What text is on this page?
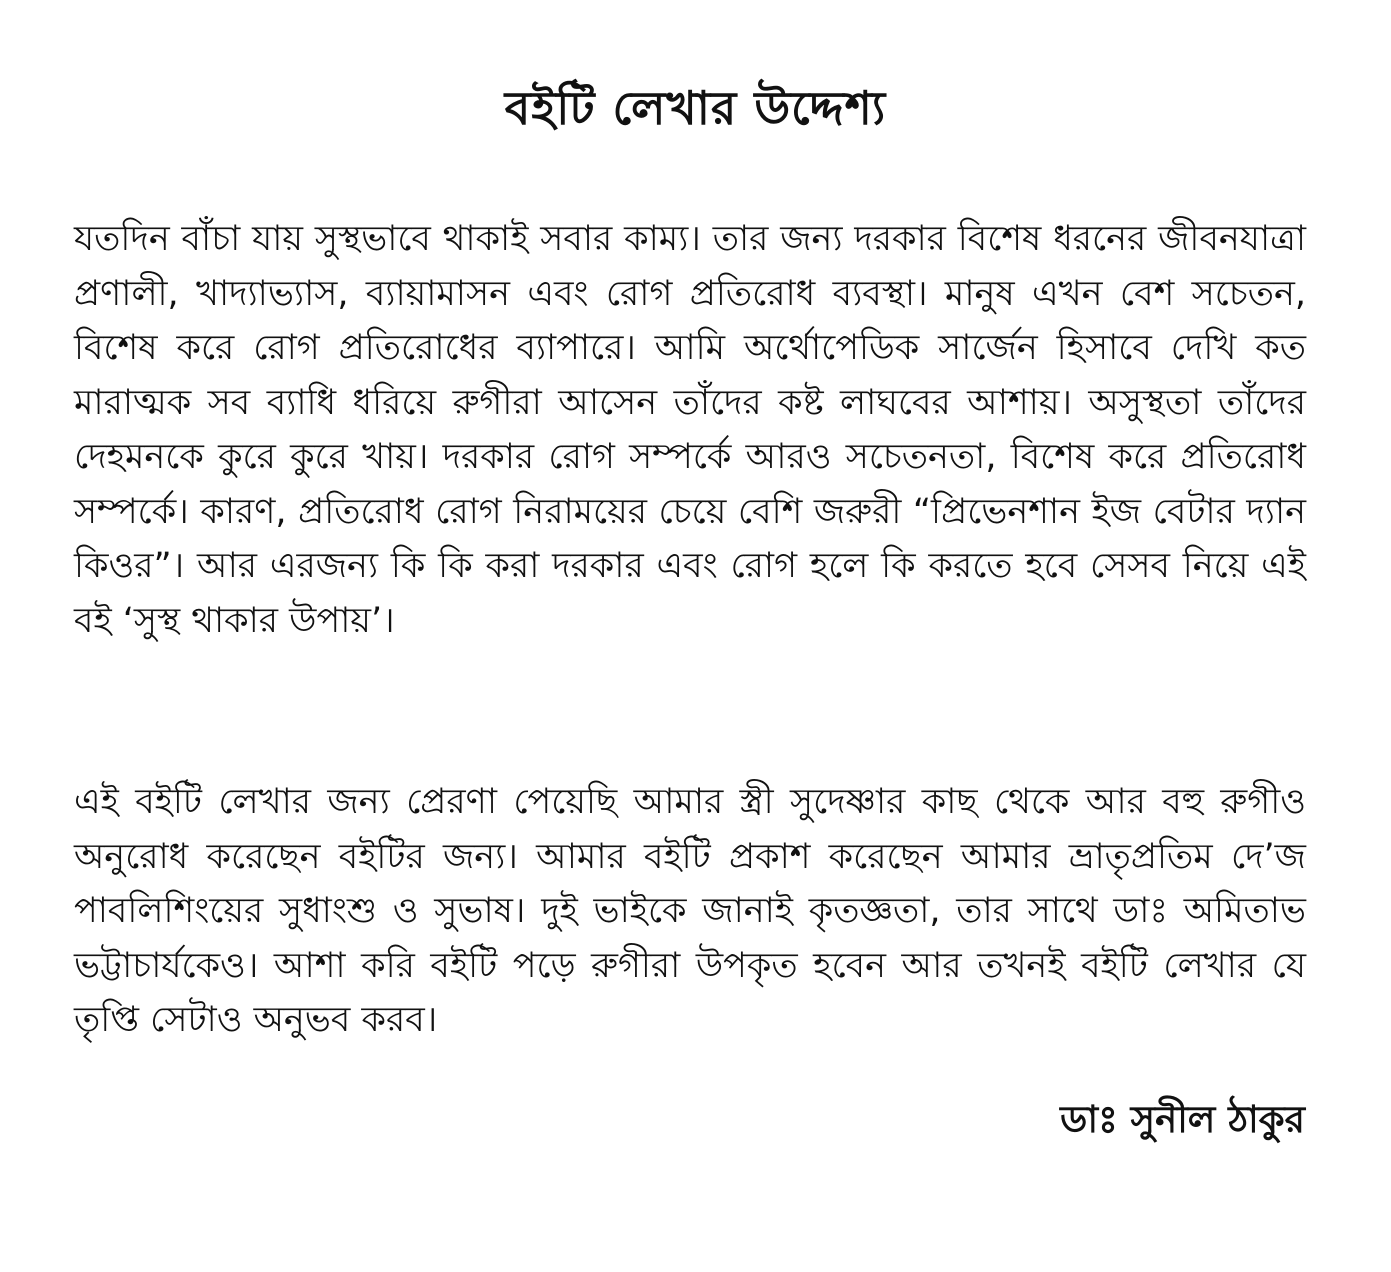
বইটি লেখার উদ্দেশ্য
যতদিন বাঁচা যায় সুস্থভাবে থাকাই সবার কাম্য। তার জন্য দরকার বিশেষ ধরনের জীবনযাত্রা প্রণালী, খাদ্যাভ্যাস, ব্যায়ামাসন এবং রোগ প্রতিরোধ ব্যবস্থা। মানুষ এখন বেশ সচেতন, বিশেষ করে রোগ প্রতিরোধের ব্যাপারে। আমি অর্থোপেডিক সার্জেন হিসাবে দেখি কত মারাত্মক সব ব্যাধি ধরিয়ে রুগীরা আসেন তাঁদের কষ্ট লাঘবের আশায়। অসুস্থতা তাঁদের দেহমনকে কুরে কুরে খায়। দরকার রোগ সম্পর্কে আরও সচেতনতা, বিশেষ করে প্রতিরোধ সম্পর্কে। কারণ, প্রতিরোধ রোগ নিরাময়ের চেয়ে বেশি জরুরী “প্রিভেনশান ইজ বেটার দ্যান কিওর”। আর এরজন্য কি কি করা দরকার এবং রোগ হলে কি করতে হবে সেসব নিয়ে এই বই ‘সুস্থ থাকার উপায়’।
এই বইটি লেখার জন্য প্রেরণা পেয়েছি আমার স্ত্রী সুদেষ্ণার কাছ থেকে আর বহু রুগীও অনুরোধ করেছেন বইটির জন্য। আমার বইটি প্রকাশ করেছেন আমার ভ্রাতৃপ্রতিম দে’জ পাবলিশিংয়ের সুধাংশু ও সুভাষ। দুই ভাইকে জানাই কৃতজ্ঞতা, তার সাথে ডাঃ অমিতাভ ভট্টাচার্যকেও। আশা করি বইটি পড়ে রুগীরা উপকৃত হবেন আর তখনই বইটি লেখার যে তৃপ্তি সেটাও অনুভব করব।
ডাঃ সুনীল ঠাকুর
